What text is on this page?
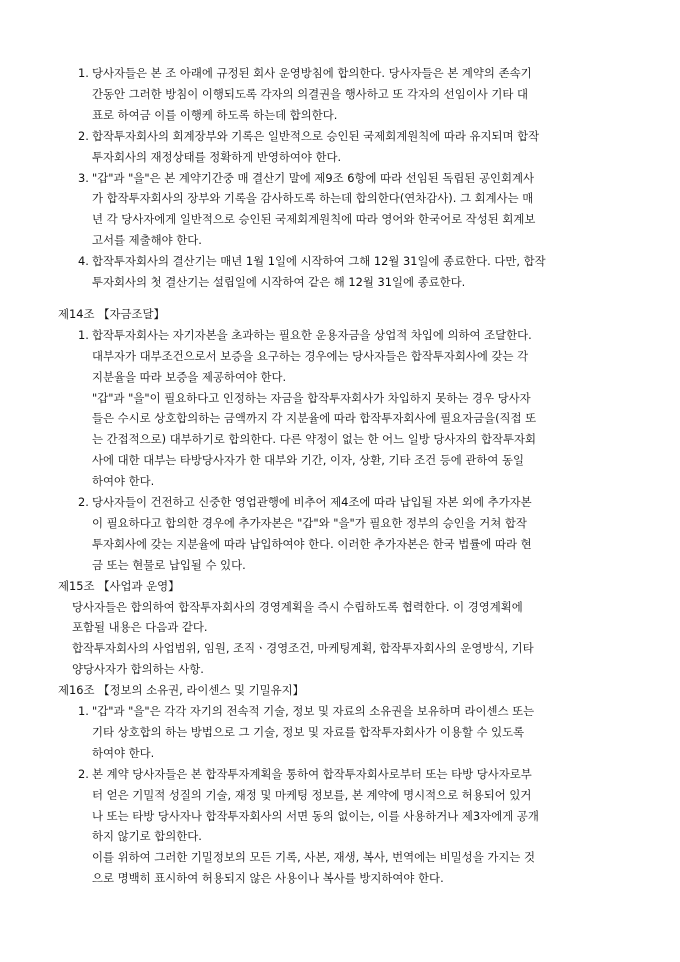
1. 당사자들은 본 조 아래에 규정된 회사 운영방침에 합의한다. 당사자들은 본 계약의 존속기
간동안 그러한 방침이 이행되도록 각자의 의결권을 행사하고 또 각자의 선임이사 기타 대
표로 하여금 이를 이행케 하도록 하는데 합의한다.
2. 합작투자회사의 회계장부와 기록은 일반적으로 승인된 국제회계원칙에 따라 유지되며 합작
투자회사의 재정상태를 정확하게 반영하여야 한다.
3. "갑"과 "을"은 본 계약기간중 매 결산기 말에 제9조 6항에 따라 선임된 독립된 공인회계사
가 합작투자회사의 장부와 기록을 감사하도록 하는데 합의한다(연차감사). 그 회계사는 매
년 각 당사자에게 일반적으로 승인된 국제회계원칙에 따라 영어와 한국어로 작성된 회계보
고서를 제출해야 한다.
4. 합작투자회사의 결산기는 매년 1월 1일에 시작하여 그해 12월 31일에 종료한다. 다만, 합작
투자회사의 첫 결산기는 설립일에 시작하여 같은 해 12월 31일에 종료한다.
제14조 【자금조달】
1. 합작투자회사는 자기자본을 초과하는 필요한 운용자금을 상업적 차입에 의하여 조달한다.
대부자가 대부조건으로서 보증을 요구하는 경우에는 당사자들은 합작투자회사에 갖는 각
지분율을 따라 보증을 제공하여야 한다.
"갑"과 "을"이 필요하다고 인정하는 자금을 합작투자회사가 차입하지 못하는 경우 당사자
들은 수시로 상호합의하는 금액까지 각 지분율에 따라 합작투자회사에 필요자금을(직접 또
는 간접적으로) 대부하기로 합의한다. 다른 약정이 없는 한 어느 일방 당사자의 합작투자회
사에 대한 대부는 타방당사자가 한 대부와 기간, 이자, 상환, 기타 조건 등에 관하여 동일
하여야 한다.
2. 당사자들이 건전하고 신중한 영업관행에 비추어 제4조에 따라 납입될 자본 외에 추가자본
이 필요하다고 합의한 경우에 추가자본은 "갑"와 "을"가 필요한 정부의 승인을 거쳐 합작
투자회사에 갖는 지분율에 따라 납입하여야 한다. 이러한 추가자본은 한국 법률에 따라 현
금 또는 현물로 납입될 수 있다.
제15조 【사업과 운영】
당사자들은 합의하여 합작투자회사의 경영계획을 즉시 수립하도록 협력한다. 이 경영계획에
포함될 내용은 다음과 같다.
합작투자회사의 사업범위, 임원, 조직ㆍ경영조건, 마케팅계획, 합작투자회사의 운영방식, 기타
양당사자가 합의하는 사항.
제16조 【정보의 소유권, 라이센스 및 기밀유지】
1. "갑"과 "을"은 각각 자기의 전속적 기술, 정보 및 자료의 소유권을 보유하며 라이센스 또는
기타 상호합의 하는 방법으로 그 기술, 정보 및 자료를 합작투자회사가 이용할 수 있도록
하여야 한다.
2. 본 계약 당사자들은 본 합작투자계획을 통하여 합작투자회사로부터 또는 타방 당사자로부
터 얻은 기밀적 성질의 기술, 재정 및 마케팅 정보를, 본 계약에 명시적으로 허용되어 있거
나 또는 타방 당사자나 합작투자회사의 서면 동의 없이는, 이를 사용하거나 제3자에게 공개
하지 않기로 합의한다.
이를 위하여 그러한 기밀정보의 모든 기록, 사본, 재생, 복사, 번역에는 비밀성을 가지는 것
으로 명백히 표시하여 허용되지 않은 사용이나 복사를 방지하여야 한다.
